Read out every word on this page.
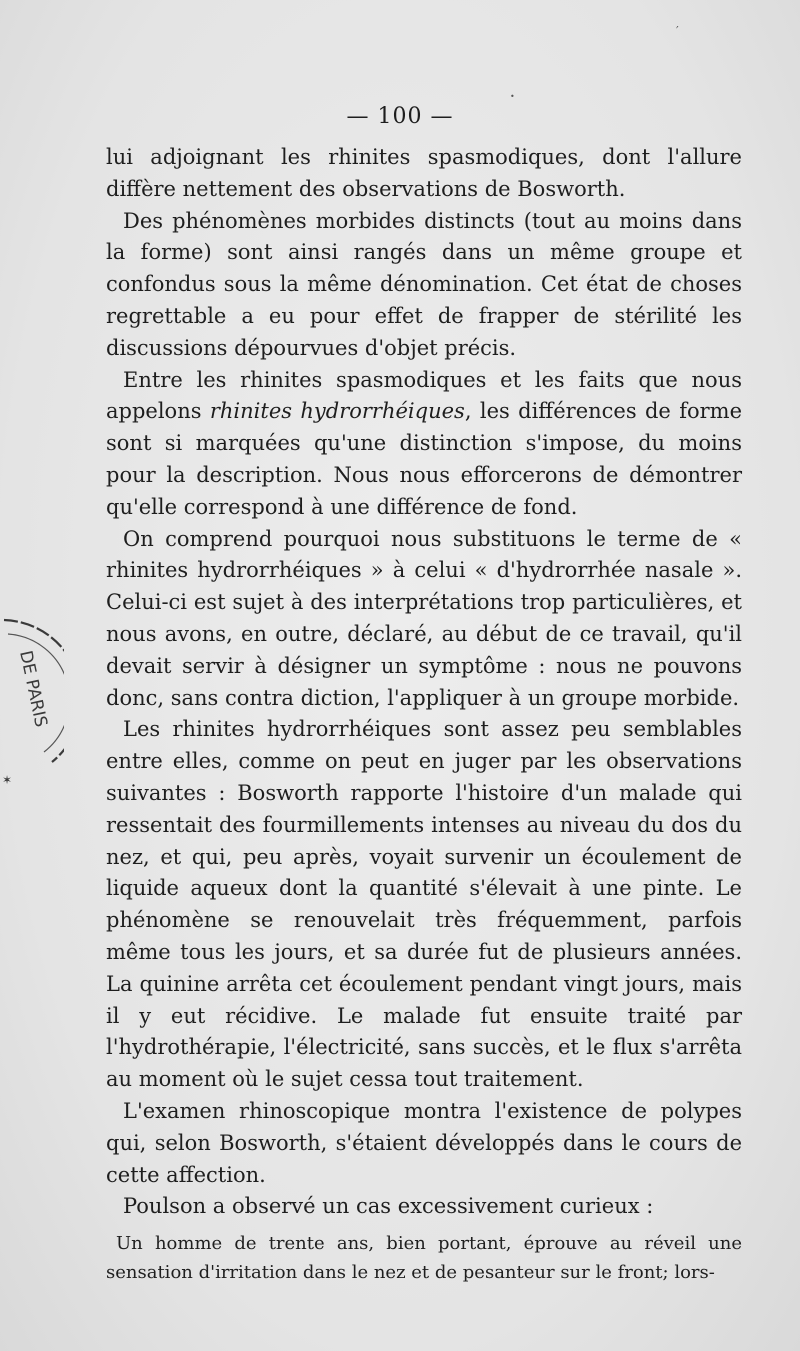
— 100 —

lui adjoignant les rhinites spasmodiques, dont l'allure diffère nettement des observations de Bosworth.

Des phénomènes morbides distincts (tout au moins dans la forme) sont ainsi rangés dans un même groupe et confondus sous la même dénomination. Cet état de choses regrettable a eu pour effet de frapper de stérilité les discussions dépourvues d'objet précis.

Entre les rhinites spasmodiques et les faits que nous appelons rhinites hydrorrhéiques, les différences de forme sont si marquées qu'une distinction s'impose, du moins pour la description. Nous nous efforcerons de démontrer qu'elle correspond à une différence de fond.

On comprend pourquoi nous substituons le terme de « rhinites hydrorrhéiques » à celui « d'hydrorrhée nasale ». Celui-ci est sujet à des interprétations trop particulières, et nous avons, en outre, déclaré, au début de ce travail, qu'il devait servir à désigner un symptôme : nous ne pouvons donc, sans contra diction, l'appliquer à un groupe morbide.

Les rhinites hydrorrhéiques sont assez peu semblables entre elles, comme on peut en juger par les observations suivantes : Bosworth rapporte l'histoire d'un malade qui ressentait des fourmillements intenses au niveau du dos du nez, et qui, peu après, voyait survenir un écoulement de liquide aqueux dont la quantité s'élevait à une pinte. Le phénomène se renouvelait très fréquemment, parfois même tous les jours, et sa durée fut de plusieurs années. La quinine arrêta cet écoulement pendant vingt jours, mais il y eut récidive. Le malade fut ensuite traité par l'hydrothérapie, l'électricité, sans succès, et le flux s'arrêta au moment où le sujet cessa tout traitement.

L'examen rhinoscopique montra l'existence de polypes qui, selon Bosworth, s'étaient développés dans le cours de cette affection.

Poulson a observé un cas excessivement curieux :

Un homme de trente ans, bien portant, éprouve au réveil une sensation d'irritation dans le nez et de pesanteur sur le front; lors-

DE PARIS
✶
′
•
